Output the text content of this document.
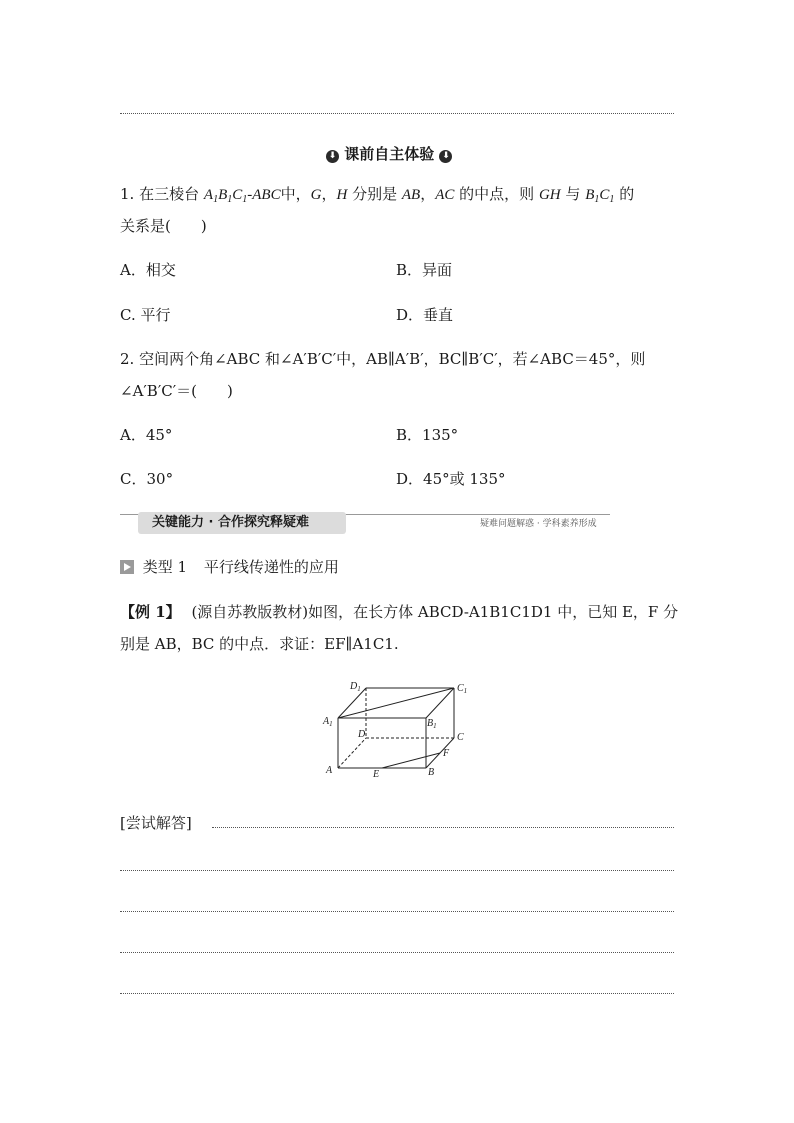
⬇ 课前自主体验 ⬇
1. 在三棱台 $A_1B_1C_1$-ABC中，G，H 分别是 AB，AC 的中点，则 GH 与 $B_1C_1$ 的
关系是(　　)
A．相交	B．异面
C. 平行	D．垂直
2. 空间两个角∠ABC 和∠A′B′C′中，AB∥A′B′，BC∥B′C′，若∠ABC＝45°，则
∠A′B′C′＝(　　)
A．45°	B．135°
C．30°	D．45°或 135°
关键能力 · 合作探究释疑难	疑难问题解惑 · 学科素养形成
类型 1 平行线传递性的应用
【例 1】 (源自苏教版教材)如图，在长方体 ABCD-A1B1C1D1 中，已知 E，F 分
别是 AB，BC 的中点．求证：EF∥A1C1.
$D_1$	$C_1$
$A_1$	$B_1$
D	C
F
A	E	B
[尝试解答]
